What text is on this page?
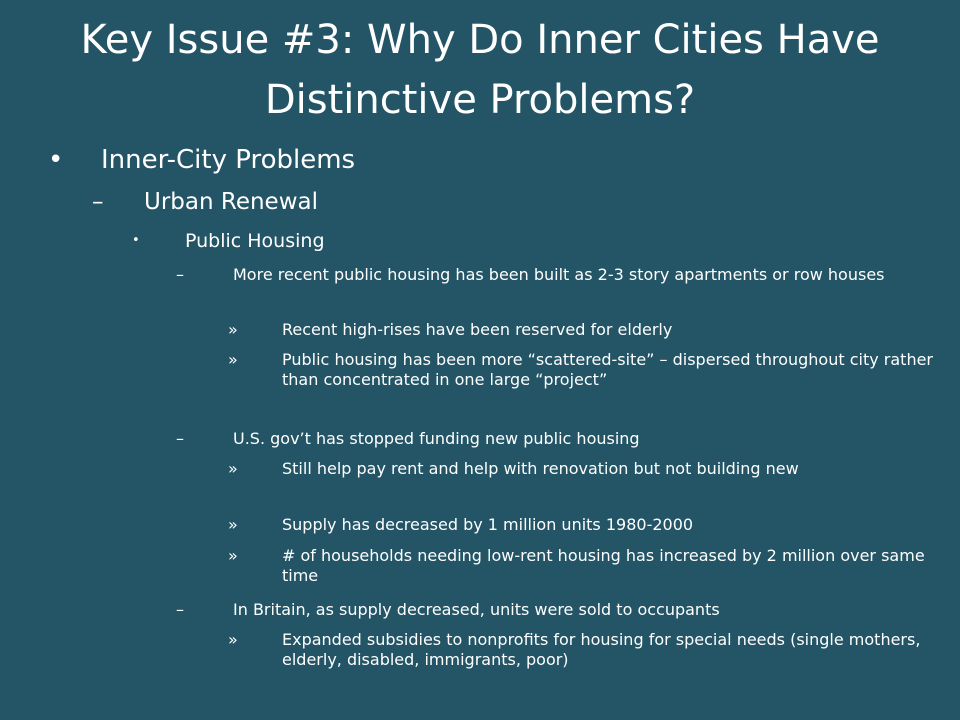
Key Issue #3: Why Do Inner Cities Have Distinctive Problems?
• Inner-City Problems
– Urban Renewal
• Public Housing
–	More recent public housing has been built as 2-3 story apartments or row houses
»	Recent high-rises have been reserved for elderly
»	Public housing has been more “scattered-site” – dispersed throughout city rather than concentrated in one large “project”
–	U.S. gov’t has stopped funding new public housing
»	Still help pay rent and help with renovation but not building new
»	Supply has decreased by 1 million units 1980-2000
»	# of households needing low-rent housing has increased by 2 million over same time
–	In Britain, as supply decreased, units were sold to occupants
»	Expanded subsidies to nonprofits for housing for special needs (single mothers, elderly, disabled, immigrants, poor)
